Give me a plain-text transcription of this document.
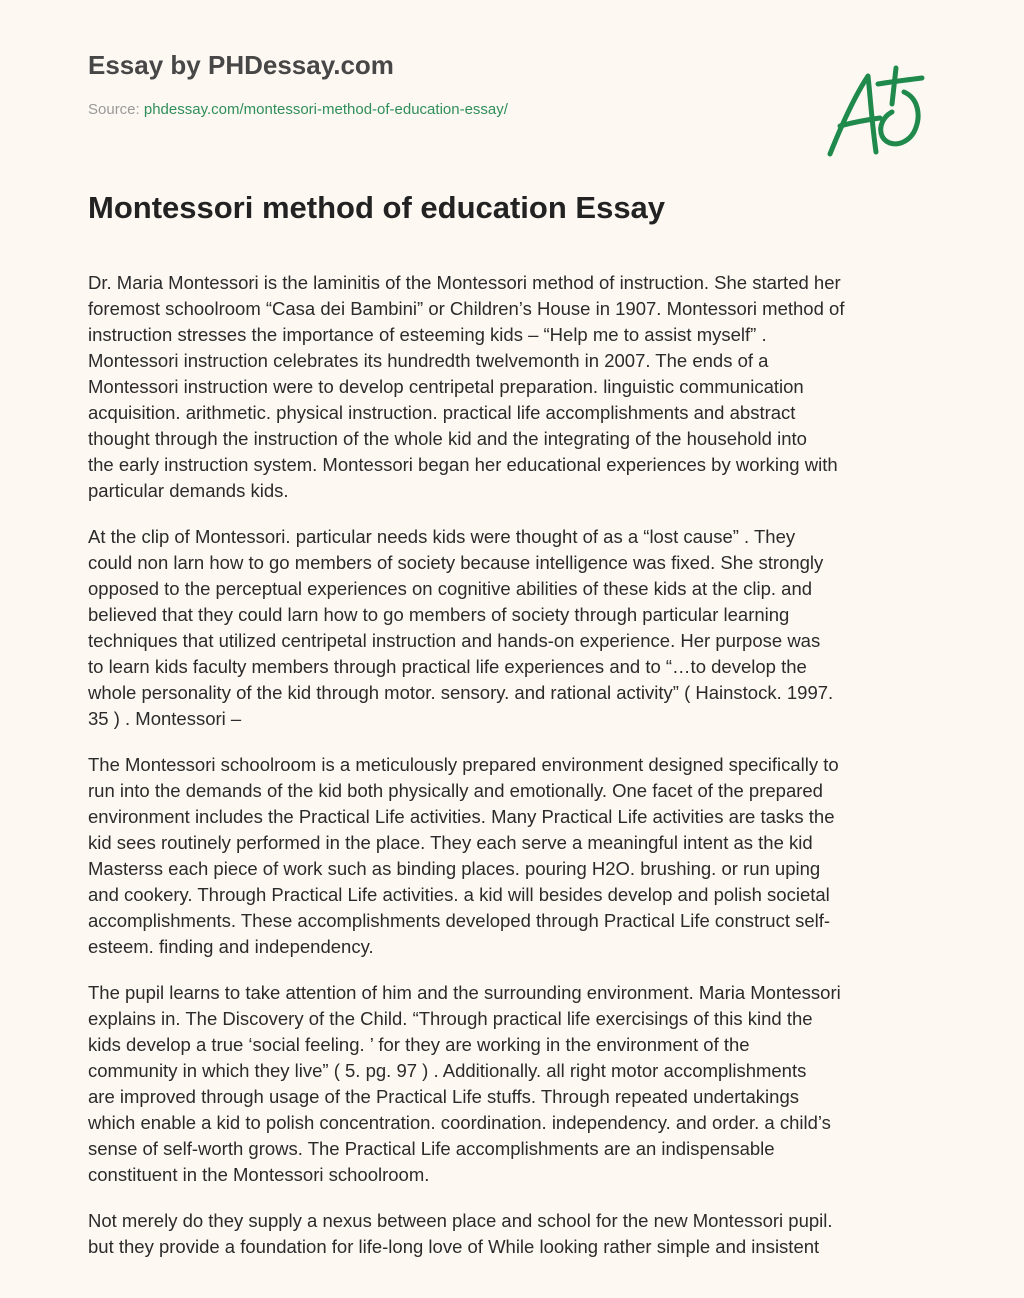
Essay by PHDessay.com
Source: phdessay.com/montessori-method-of-education-essay/
Montessori method of education Essay

Dr. Maria Montessori is the laminitis of the Montessori method of instruction. She started her
foremost schoolroom “Casa dei Bambini” or Children’s House in 1907. Montessori method of
instruction stresses the importance of esteeming kids – “Help me to assist myself” .
Montessori instruction celebrates its hundredth twelvemonth in 2007. The ends of a
Montessori instruction were to develop centripetal preparation. linguistic communication
acquisition. arithmetic. physical instruction. practical life accomplishments and abstract
thought through the instruction of the whole kid and the integrating of the household into
the early instruction system. Montessori began her educational experiences by working with
particular demands kids.

At the clip of Montessori. particular needs kids were thought of as a “lost cause” . They
could non larn how to go members of society because intelligence was fixed. She strongly
opposed to the perceptual experiences on cognitive abilities of these kids at the clip. and
believed that they could larn how to go members of society through particular learning
techniques that utilized centripetal instruction and hands-on experience. Her purpose was
to learn kids faculty members through practical life experiences and to “…to develop the
whole personality of the kid through motor. sensory. and rational activity” ( Hainstock. 1997.
35 ) . Montessori –

The Montessori schoolroom is a meticulously prepared environment designed specifically to
run into the demands of the kid both physically and emotionally. One facet of the prepared
environment includes the Practical Life activities. Many Practical Life activities are tasks the
kid sees routinely performed in the place. They each serve a meaningful intent as the kid
Masterss each piece of work such as binding places. pouring H2O. brushing. or run uping
and cookery. Through Practical Life activities. a kid will besides develop and polish societal
accomplishments. These accomplishments developed through Practical Life construct self-
esteem. finding and independency.

The pupil learns to take attention of him and the surrounding environment. Maria Montessori
explains in. The Discovery of the Child. “Through practical life exercisings of this kind the
kids develop a true ‘social feeling. ’ for they are working in the environment of the
community in which they live” ( 5. pg. 97 ) . Additionally. all right motor accomplishments
are improved through usage of the Practical Life stuffs. Through repeated undertakings
which enable a kid to polish concentration. coordination. independency. and order. a child’s
sense of self-worth grows. The Practical Life accomplishments are an indispensable
constituent in the Montessori schoolroom.

Not merely do they supply a nexus between place and school for the new Montessori pupil.
but they provide a foundation for life-long love of While looking rather simple and insistent
